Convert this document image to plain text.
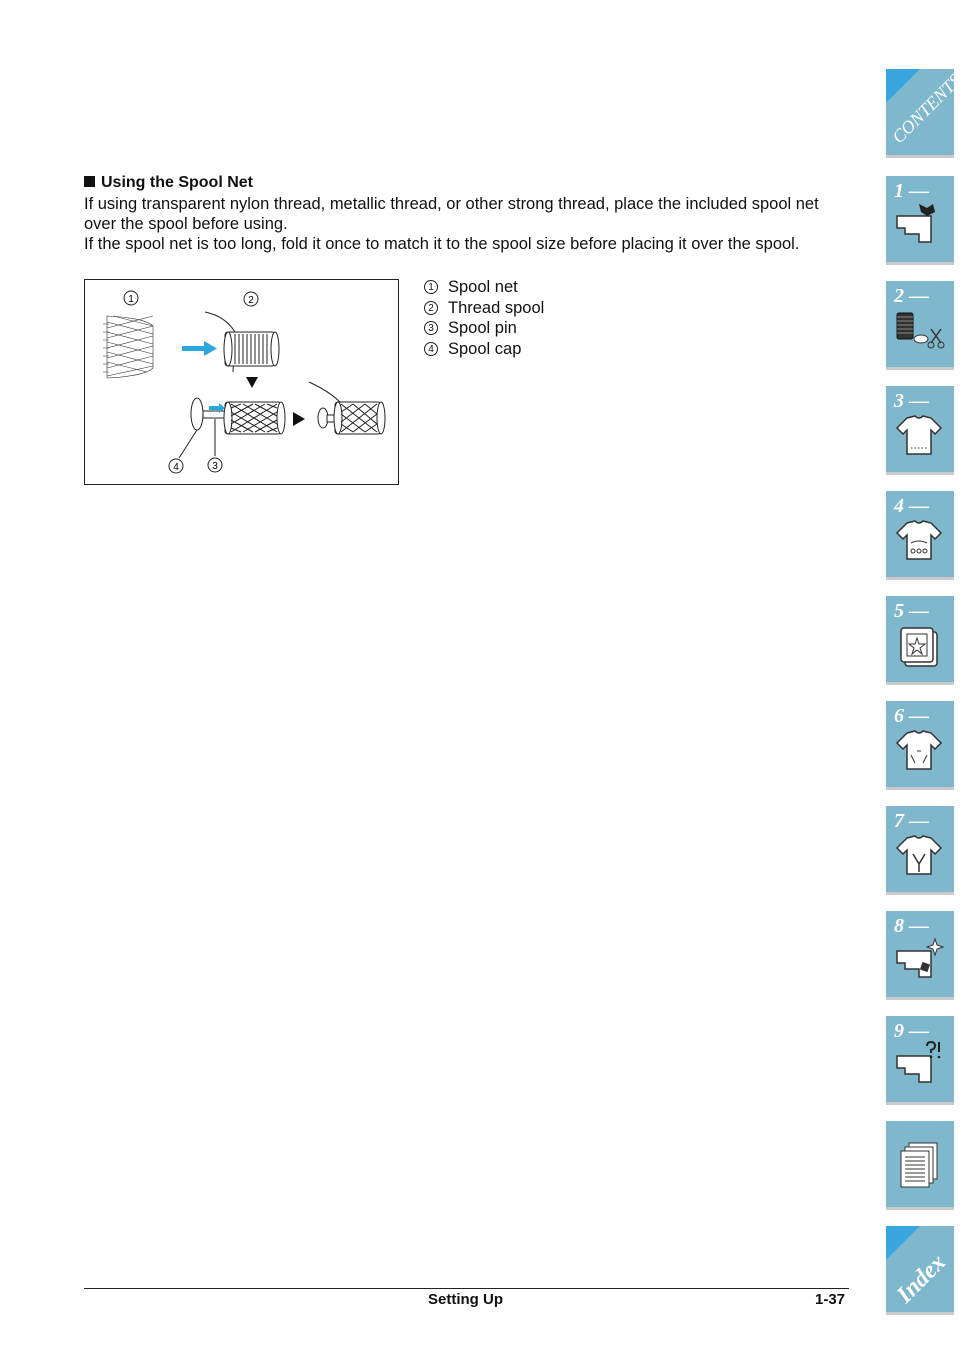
Using the Spool Net

If using transparent nylon thread, metallic thread, or other strong thread, place the included spool net over the spool before using.

If the spool net is too long, fold it once to match it to the spool size before placing it over the spool.

1	2
4	3
1 Spool net
2 Thread spool
3 Spool pin
4 Spool cap
Setting Up	1-37
CONTENTS
1 —
2 —
3 —
4 —
5 —
6 —
7 —
8 —
9 —
Index
